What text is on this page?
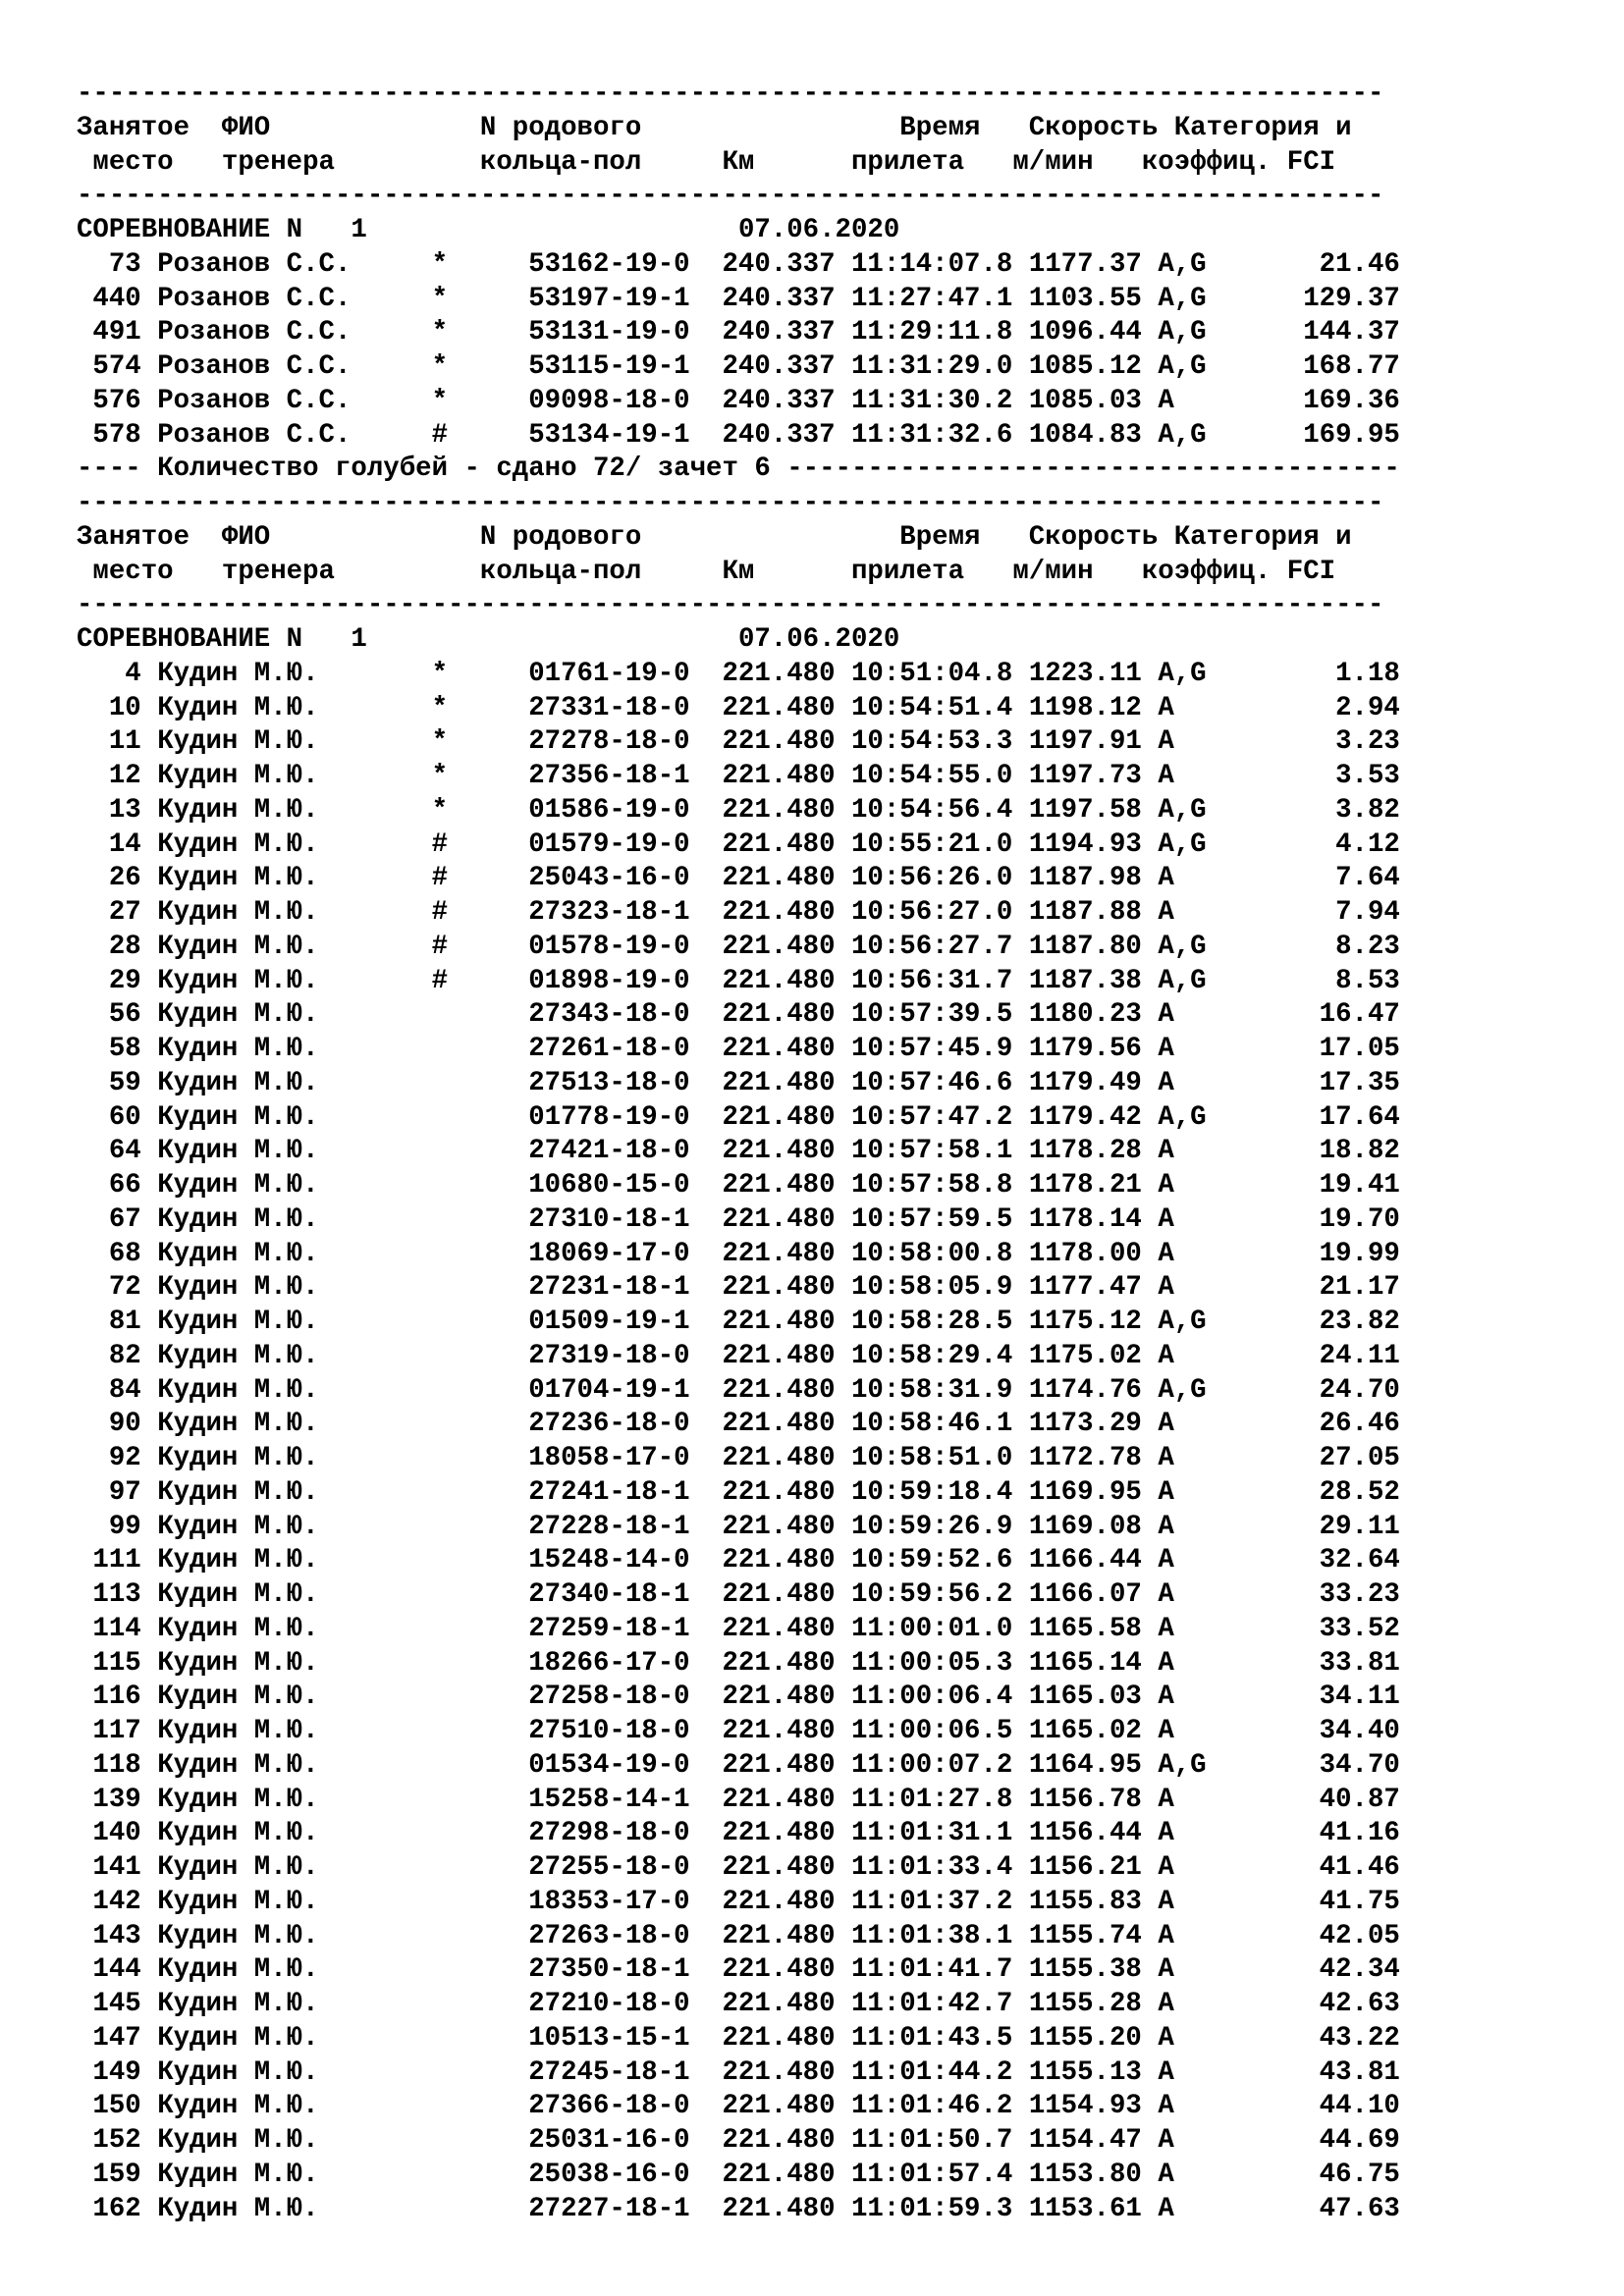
---------------------------------------------------------------------------------
Занятое  ФИО             N родового                Время   Скорость Категория и
место   тренера         кольца-пол     Км      прилета   м/мин   коэффиц. FCI
---------------------------------------------------------------------------------
СОРЕВНОВАНИЕ N   1	07.06.2020
73 Розанов С.С.	*	53162-19-0 240.337 11:14:07.8 1177.37 A,G       21.46
440 Розанов С.С.	*	53197-19-1 240.337 11:27:47.1 1103.55 A,G      129.37
491 Розанов С.С.	*	53131-19-0 240.337 11:29:11.8 1096.44 A,G      144.37
574 Розанов С.С.	*	53115-19-1 240.337 11:31:29.0 1085.12 A,G      168.77
576 Розанов С.С.	*	09098-18-0 240.337 11:31:30.2 1085.03 A        169.36
578 Розанов С.С.	#	53134-19-1 240.337 11:31:32.6 1084.83 A,G      169.95
---- Количество голубей - сдано 72/ зачет 6 --------------------------------------
---------------------------------------------------------------------------------
Занятое  ФИО             N родового                Время   Скорость Категория и
место   тренера         кольца-пол     Км      прилета   м/мин   коэффиц. FCI
---------------------------------------------------------------------------------
СОРЕВНОВАНИЕ N   1	07.06.2020
4 Кудин М.Ю.	*	01761-19-0 221.480 10:51:04.8 1223.11 A,G        1.18
10 Кудин М.Ю.	*	27331-18-0 221.480 10:54:51.4 1198.12 A          2.94
11 Кудин М.Ю.	*	27278-18-0 221.480 10:54:53.3 1197.91 A          3.23
12 Кудин М.Ю.	*	27356-18-1 221.480 10:54:55.0 1197.73 A          3.53
13 Кудин М.Ю.	*	01586-19-0 221.480 10:54:56.4 1197.58 A,G        3.82
14 Кудин М.Ю.	#	01579-19-0 221.480 10:55:21.0 1194.93 A,G        4.12
26 Кудин М.Ю.	#	25043-16-0 221.480 10:56:26.0 1187.98 A          7.64
27 Кудин М.Ю.	#	27323-18-1 221.480 10:56:27.0 1187.88 A          7.94
28 Кудин М.Ю.	#	01578-19-0 221.480 10:56:27.7 1187.80 A,G        8.23
29 Кудин М.Ю.	#	01898-19-0 221.480 10:56:31.7 1187.38 A,G        8.53
56 Кудин М.Ю.	27343-18-0 221.480 10:57:39.5 1180.23 A         16.47
58 Кудин М.Ю.	27261-18-0 221.480 10:57:45.9 1179.56 A         17.05
59 Кудин М.Ю.	27513-18-0 221.480 10:57:46.6 1179.49 A         17.35
60 Кудин М.Ю.	01778-19-0 221.480 10:57:47.2 1179.42 A,G       17.64
64 Кудин М.Ю.	27421-18-0 221.480 10:57:58.1 1178.28 A         18.82
66 Кудин М.Ю.	10680-15-0 221.480 10:57:58.8 1178.21 A         19.41
67 Кудин М.Ю.	27310-18-1 221.480 10:57:59.5 1178.14 A         19.70
68 Кудин М.Ю.	18069-17-0 221.480 10:58:00.8 1178.00 A         19.99
72 Кудин М.Ю.	27231-18-1 221.480 10:58:05.9 1177.47 A         21.17
81 Кудин М.Ю.	01509-19-1 221.480 10:58:28.5 1175.12 A,G       23.82
82 Кудин М.Ю.	27319-18-0 221.480 10:58:29.4 1175.02 A         24.11
84 Кудин М.Ю.	01704-19-1 221.480 10:58:31.9 1174.76 A,G       24.70
90 Кудин М.Ю.	27236-18-0 221.480 10:58:46.1 1173.29 A         26.46
92 Кудин М.Ю.	18058-17-0 221.480 10:58:51.0 1172.78 A         27.05
97 Кудин М.Ю.	27241-18-1 221.480 10:59:18.4 1169.95 A         28.52
99 Кудин М.Ю.	27228-18-1 221.480 10:59:26.9 1169.08 A         29.11
111 Кудин М.Ю.	15248-14-0 221.480 10:59:52.6 1166.44 A         32.64
113 Кудин М.Ю.	27340-18-1 221.480 10:59:56.2 1166.07 A         33.23
114 Кудин М.Ю.	27259-18-1 221.480 11:00:01.0 1165.58 A         33.52
115 Кудин М.Ю.	18266-17-0 221.480 11:00:05.3 1165.14 A         33.81
116 Кудин М.Ю.	27258-18-0 221.480 11:00:06.4 1165.03 A         34.11
117 Кудин М.Ю.	27510-18-0 221.480 11:00:06.5 1165.02 A         34.40
118 Кудин М.Ю.	01534-19-0 221.480 11:00:07.2 1164.95 A,G       34.70
139 Кудин М.Ю.	15258-14-1 221.480 11:01:27.8 1156.78 A         40.87
140 Кудин М.Ю.	27298-18-0 221.480 11:01:31.1 1156.44 A         41.16
141 Кудин М.Ю.	27255-18-0 221.480 11:01:33.4 1156.21 A         41.46
142 Кудин М.Ю.	18353-17-0 221.480 11:01:37.2 1155.83 A         41.75
143 Кудин М.Ю.	27263-18-0 221.480 11:01:38.1 1155.74 A         42.05
144 Кудин М.Ю.	27350-18-1 221.480 11:01:41.7 1155.38 A         42.34
145 Кудин М.Ю.	27210-18-0 221.480 11:01:42.7 1155.28 A         42.63
147 Кудин М.Ю.	10513-15-1 221.480 11:01:43.5 1155.20 A         43.22
149 Кудин М.Ю.	27245-18-1 221.480 11:01:44.2 1155.13 A         43.81
150 Кудин М.Ю.	27366-18-0 221.480 11:01:46.2 1154.93 A         44.10
152 Кудин М.Ю.	25031-16-0 221.480 11:01:50.7 1154.47 A         44.69
159 Кудин М.Ю.	25038-16-0 221.480 11:01:57.4 1153.80 A         46.75
162 Кудин М.Ю.	27227-18-1 221.480 11:01:59.3 1153.61 A         47.63
